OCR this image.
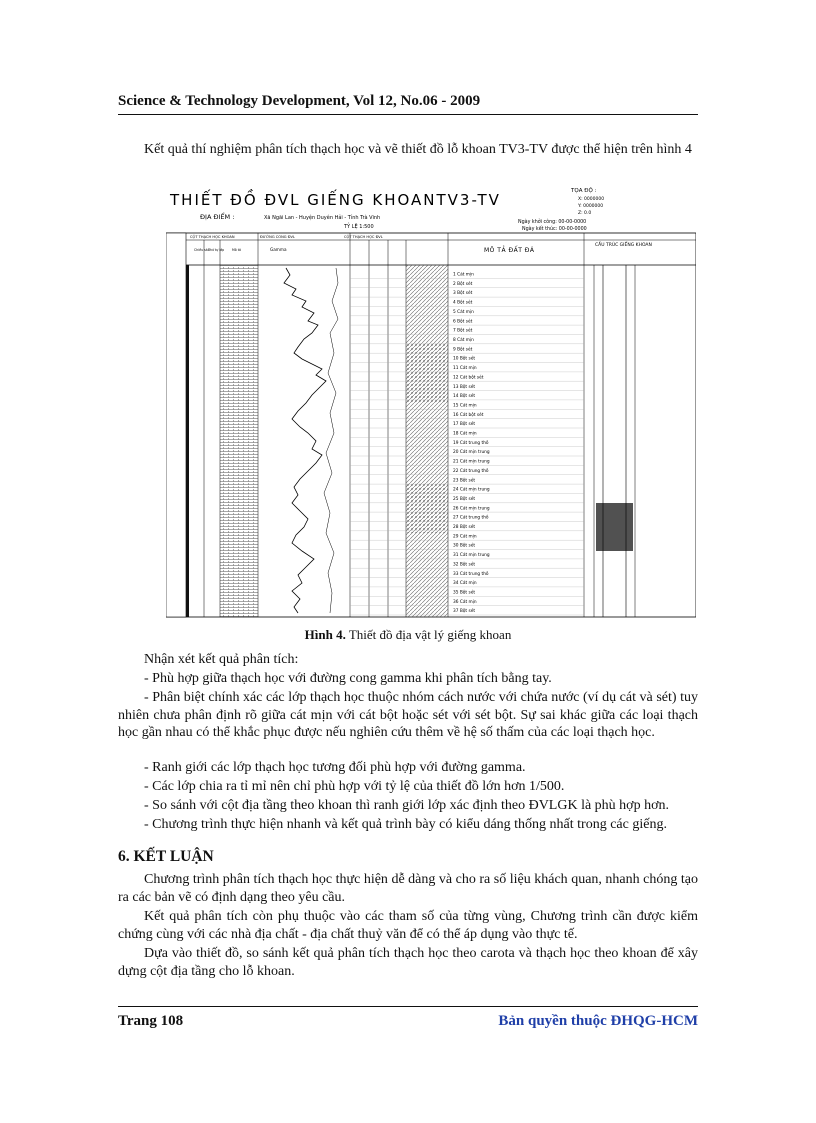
Science & Technology Development, Vol 12, No.06 - 2009

Kết quả thí nghiệm phân tích thạch học và vẽ thiết đồ lỗ khoan TV3-TV được thể hiện trên hình 4

THIẾT ĐỒ ĐVL GIẾNG KHOANTV3-TV
ĐỊA ĐIỂM :	Xã Ngãi Lan - Huyện Duyên Hải - Tỉnh Trà Vinh
TỶ LỆ 1:500
TỌA ĐỘ :
X: 0000000
Y: 0000000
Z: 0.0
Ngày khởi công: 00-00-0000
Ngày kết thúc: 00-00-0000
CỘT THẠCH HỌC KHOAN	ĐƯỜNG CONG ĐVL	CỘT THẠCH HỌC ĐVL
Gamma
Chiều sâu
Thứ tự lớp Mô tả	MÔ TẢ ĐẤT ĐÁ
CẤU TRÚC GIẾNG KHOAN
1 Cát mịn
2 Bột sét
3 Bột sét
4 Bột sét
5 Cát mịn
6 Bột sét
7 Bột sét
8 Cát mịn
9 Bột sét
10 Bột sét
11 Cát mịn
12 Cát bột sét
13 Bột sét
14 Bột sét
15 Cát mịn
16 Cát bột sét
17 Bột sét
18 Cát mịn
19 Cát trung thô
20 Cát mịn trung
21 Cát mịn trung
22 Cát trung thô
23 Bột sét
24 Cát mịn trung
25 Bột sét
26 Cát mịn trung
27 Cát trung thô
28 Bột sét
29 Cát mịn
30 Bột sét
31 Cát mịn trung
32 Bột sét
33 Cát trung thô
34 Cát mịn
35 Bột sét
36 Cát mịn
37 Bột sét
Hình 4. Thiết đồ địa vật lý giếng khoan

Nhận xét kết quả phân tích:

- Phù hợp giữa thạch học với đường cong gamma khi phân tích bằng tay.

- Phân biệt chính xác các lớp thạch học thuộc nhóm cách nước với chứa nước (ví dụ cát và sét) tuy nhiên chưa phân định rõ giữa cát mịn với cát bột hoặc sét với sét bột. Sự sai khác giữa các loại thạch học gần nhau có thể khắc phục được nếu nghiên cứu thêm về hệ số thấm của các loại thạch học.

- Ranh giới các lớp thạch học tương đối phù hợp với đường gamma.

- Các lớp chia ra tỉ mỉ nên chỉ phù hợp với tỷ lệ của thiết đồ lớn hơn 1/500.

- So sánh với cột địa tầng theo khoan thì ranh giới lớp xác định theo ĐVLGK là phù hợp hơn.

- Chương trình thực hiện nhanh và kết quả trình bày có kiểu dáng thống nhất trong các giếng.

6. KẾT LUẬN

Chương trình phân tích thạch học thực hiện dễ dàng và cho ra số liệu khách quan, nhanh chóng tạo ra các bản vẽ có định dạng theo yêu cầu.

Kết quả phân tích còn phụ thuộc vào các tham số của từng vùng, Chương trình cần được kiểm chứng cùng với các nhà địa chất - địa chất thuỷ văn để có thể áp dụng vào thực tế.

Dựa vào thiết đồ, so sánh kết quả phân tích thạch học theo carota và thạch học theo khoan để xây dựng cột địa tầng cho lỗ khoan.

Trang 108	Bản quyền thuộc ĐHQG-HCM
